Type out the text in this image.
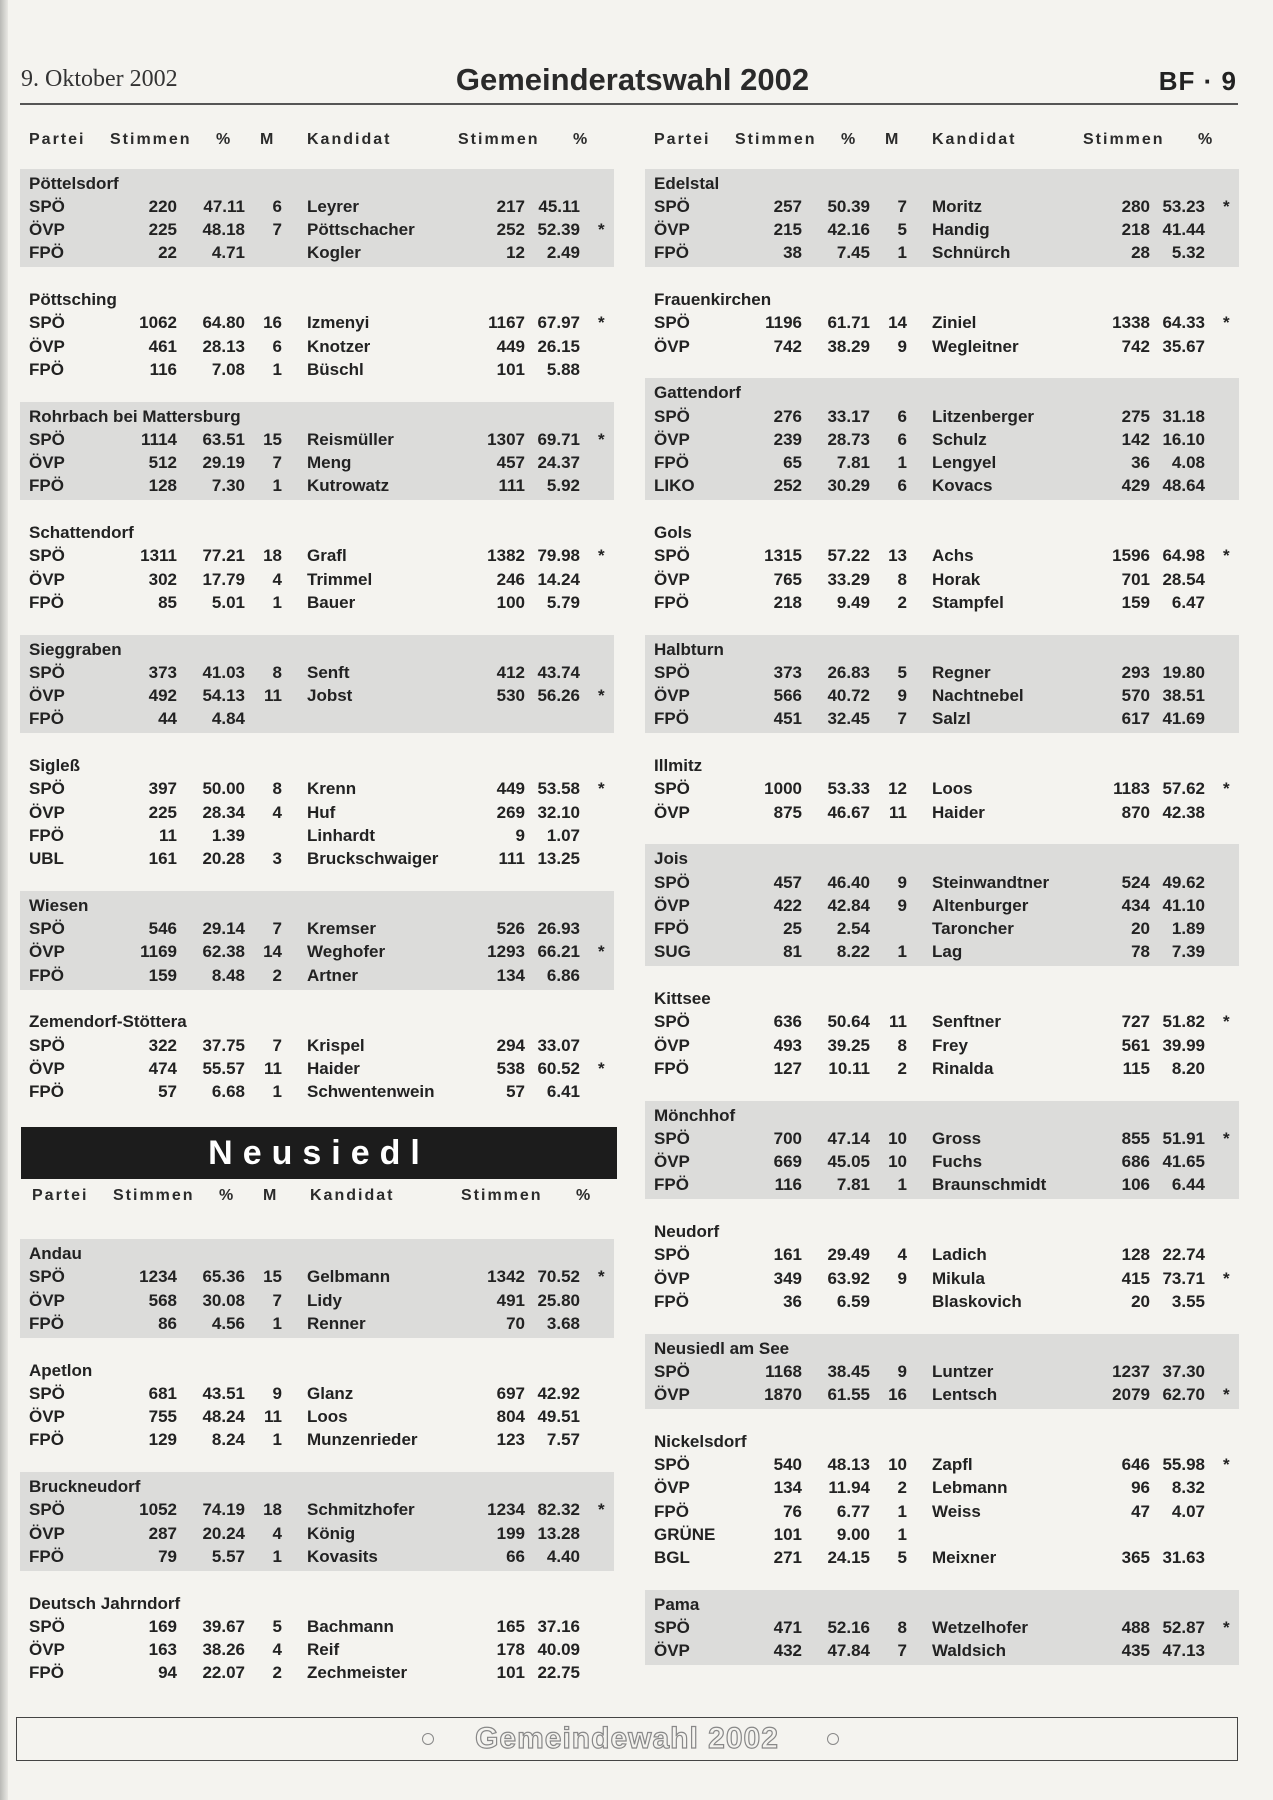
9. Oktober 2002	Gemeinderatswahl 2002	BF · 9
Partei Stimmen % M Kandidat	Stimmen %	Partei Stimmen % M Kandidat	Stimmen %
Partei Stimmen % M Kandidat	Stimmen %
Pöttelsdorf
SPÖ	220	47.11	6 Leyrer	217 45.11
ÖVP	225	48.18	7 Pöttschacher	252 52.39 *
FPÖ	22	4.71	Kogler	12	2.49
Pöttsching
SPÖ	1062	64.80	16 Izmenyi	1167 67.97 *
ÖVP	461	28.13	6 Knotzer	449 26.15
FPÖ	116	7.08	1 Büschl	101	5.88
Rohrbach bei Mattersburg
SPÖ	1114	63.51	15 Reismüller	1307 69.71 *
ÖVP	512	29.19	7 Meng	457 24.37
FPÖ	128	7.30	1 Kutrowatz	111	5.92
Schattendorf
SPÖ	1311	77.21	18 Grafl	1382 79.98 *
ÖVP	302	17.79	4 Trimmel	246 14.24
FPÖ	85	5.01	1 Bauer	100	5.79
Sieggraben
SPÖ	373	41.03	8 Senft	412 43.74
ÖVP	492	54.13	11 Jobst	530 56.26 *
FPÖ	44	4.84
Sigleß
SPÖ	397	50.00	8 Krenn	449 53.58 *
ÖVP	225	28.34	4 Huf	269 32.10
FPÖ	11	1.39	Linhardt	9	1.07
UBL	161	20.28	3 Bruckschwaiger	111 13.25
Wiesen
SPÖ	546	29.14	7 Kremser	526 26.93
ÖVP	1169	62.38	14 Weghofer	1293 66.21 *
FPÖ	159	8.48	2 Artner	134	6.86
Zemendorf-Stöttera
SPÖ	322	37.75	7 Krispel	294 33.07
ÖVP	474	55.57	11 Haider	538 60.52 *
FPÖ	57	6.68	1 Schwentenwein	57	6.41
Andau
SPÖ	1234	65.36	15 Gelbmann	1342 70.52 *
ÖVP	568	30.08	7 Lidy	491 25.80
FPÖ	86	4.56	1 Renner	70	3.68
Apetlon
SPÖ	681	43.51	9 Glanz	697 42.92
ÖVP	755	48.24	11 Loos	804 49.51
FPÖ	129	8.24	1 Munzenrieder	123	7.57
Bruckneudorf
SPÖ	1052	74.19	18 Schmitzhofer	1234 82.32 *
ÖVP	287	20.24	4 König	199 13.28
FPÖ	79	5.57	1 Kovasits	66	4.40
Deutsch Jahrndorf
SPÖ	169	39.67	5 Bachmann	165 37.16
ÖVP	163	38.26	4 Reif	178 40.09
FPÖ	94	22.07	2 Zechmeister	101 22.75
Edelstal
SPÖ	257	50.39	7 Moritz	280 53.23 *
ÖVP	215	42.16	5 Handig	218 41.44
FPÖ	38	7.45	1 Schnürch	28	5.32
Frauenkirchen
SPÖ	1196	61.71	14 Ziniel	1338 64.33 *
ÖVP	742	38.29	9 Wegleitner	742 35.67
Gattendorf
SPÖ	276	33.17	6 Litzenberger	275 31.18
ÖVP	239	28.73	6 Schulz	142 16.10
FPÖ	65	7.81	1 Lengyel	36	4.08
LIKO	252	30.29	6 Kovacs	429 48.64
Gols
SPÖ	1315	57.22	13 Achs	1596 64.98 *
ÖVP	765	33.29	8 Horak	701 28.54
FPÖ	218	9.49	2 Stampfel	159	6.47
Halbturn
SPÖ	373	26.83	5 Regner	293 19.80
ÖVP	566	40.72	9 Nachtnebel	570 38.51
FPÖ	451	32.45	7 Salzl	617 41.69
Illmitz
SPÖ	1000	53.33	12 Loos	1183 57.62 *
ÖVP	875	46.67	11 Haider	870 42.38
Jois
SPÖ	457	46.40	9 Steinwandtner	524 49.62
ÖVP	422	42.84	9 Altenburger	434 41.10
FPÖ	25	2.54	Taroncher	20	1.89
SUG	81	8.22	1 Lag	78	7.39
Kittsee
SPÖ	636	50.64	11 Senftner	727 51.82 *
ÖVP	493	39.25	8 Frey	561 39.99
FPÖ	127	10.11	2 Rinalda	115	8.20
Mönchhof
SPÖ	700	47.14	10 Gross	855 51.91 *
ÖVP	669	45.05	10 Fuchs	686 41.65
FPÖ	116	7.81	1 Braunschmidt	106	6.44
Neudorf
SPÖ	161	29.49	4 Ladich	128 22.74
ÖVP	349	63.92	9 Mikula	415 73.71 *
FPÖ	36	6.59	Blaskovich	20	3.55
Neusiedl am See
SPÖ	1168	38.45	9 Luntzer	1237 37.30
ÖVP	1870	61.55	16 Lentsch	2079 62.70 *
Nickelsdorf
SPÖ	540	48.13	10 Zapfl	646 55.98 *
ÖVP	134	11.94	2 Lebmann	96	8.32
FPÖ	76	6.77	1 Weiss	47	4.07
GRÜNE	101	9.00	1
BGL	271	24.15	5 Meixner	365 31.63
Pama
SPÖ	471	52.16	8 Wetzelhofer	488 52.87 *
ÖVP	432	47.84	7 Waldsich	435 47.13
Neusiedl
Gemeindewahl 2002
